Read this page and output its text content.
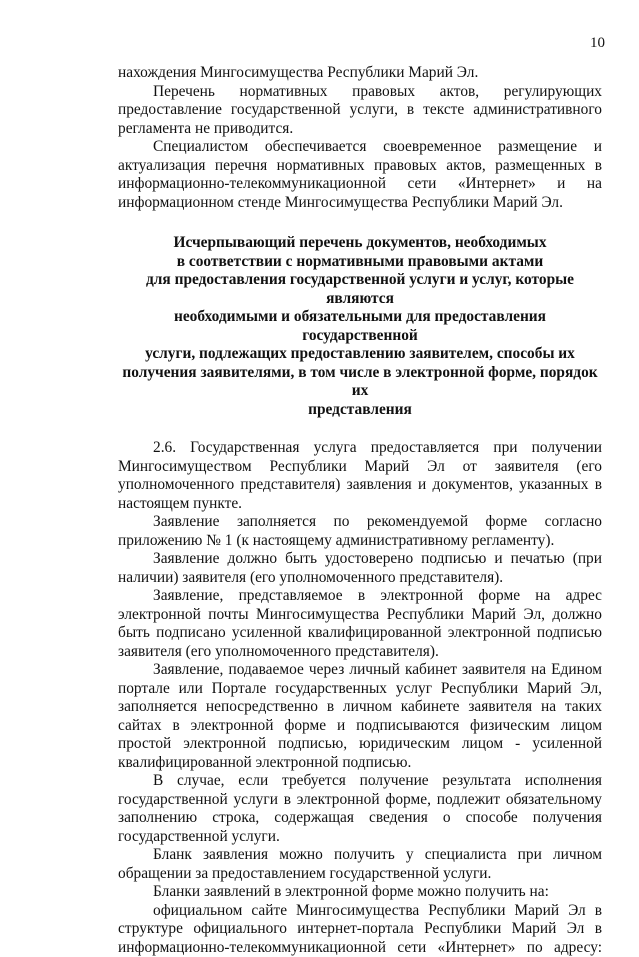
10

нахождения Мингосимущества Республики Марий Эл.

Перечень нормативных правовых актов, регулирующих предоставление государственной услуги, в тексте административного регламента не приводится.

Специалистом обеспечивается своевременное размещение и актуализация перечня нормативных правовых актов, размещенных в информационно-телекоммуникационной сети «Интернет» и на информационном стенде Мингосимущества Республики Марий Эл.

Исчерпывающий перечень документов, необходимых
в соответствии с нормативными правовыми актами
для предоставления государственной услуги и услуг, которые являются
необходимыми и обязательными для предоставления государственной
услуги, подлежащих предоставлению заявителем, способы их
получения заявителями, в том числе в электронной форме, порядок их
представления

2.6. Государственная услуга предоставляется при получении Мингосимуществом Республики Марий Эл от заявителя (его уполномоченного представителя) заявления и документов, указанных в настоящем пункте.

Заявление заполняется по рекомендуемой форме согласно приложению № 1 (к настоящему административному регламенту).

Заявление должно быть удостоверено подписью и печатью (при наличии) заявителя (его уполномоченного представителя).

Заявление, представляемое в электронной форме на адрес электронной почты Мингосимущества Республики Марий Эл, должно быть подписано усиленной квалифицированной электронной подписью заявителя (его уполномоченного представителя).

Заявление, подаваемое через личный кабинет заявителя на Едином портале или Портале государственных услуг Республики Марий Эл, заполняется непосредственно в личном кабинете заявителя на таких сайтах в электронной форме и подписываются физическим лицом простой электронной подписью, юридическим лицом - усиленной квалифицированной электронной подписью.

В случае, если требуется получение результата исполнения государственной услуги в электронной форме, подлежит обязательному заполнению строка, содержащая сведения о способе получения государственной услуги.

Бланк заявления можно получить у специалиста при личном обращении за предоставлением государственной услуги.

Бланки заявлений в электронной форме можно получить на:

официальном сайте Мингосимущества Республики Марий Эл в структуре официального интернет-портала Республики Марий Эл в информационно-телекоммуникационной сети «Интернет» по адресу:
